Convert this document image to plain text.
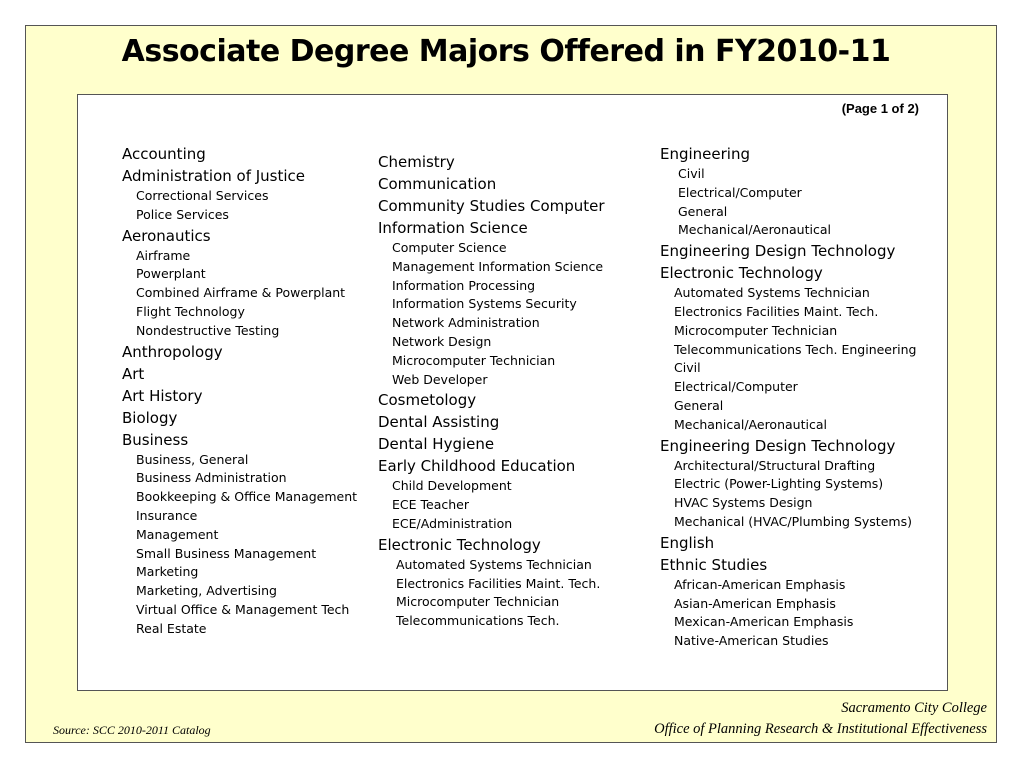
Associate Degree Majors Offered in FY2010-11
(Page 1 of 2)
Accounting
Administration of Justice
Correctional Services
Police Services
Aeronautics
Airframe
Powerplant
Combined Airframe & Powerplant
Flight Technology
Nondestructive Testing
Anthropology
Art
Art History
Biology
Business
Business, General
Business Administration
Bookkeeping & Office Management
Insurance
Management
Small Business Management
Marketing
Marketing, Advertising
Virtual Office & Management Tech
Real Estate
Chemistry
Communication
Community Studies Computer
Information Science
Computer Science
Management Information Science
Information Processing
Information Systems Security
Network Administration
Network Design
Microcomputer Technician
Web Developer
Cosmetology
Dental Assisting
Dental Hygiene
Early Childhood Education
Child Development
ECE Teacher
ECE/Administration
Electronic Technology
Automated Systems Technician
Electronics Facilities Maint. Tech.
Microcomputer Technician
Telecommunications Tech.
Engineering
Civil
Electrical/Computer
General
Mechanical/Aeronautical
Engineering Design Technology
Electronic Technology
Automated Systems Technician
Electronics Facilities Maint. Tech.
Microcomputer Technician
Telecommunications Tech. Engineering
Civil
Electrical/Computer
General
Mechanical/Aeronautical
Engineering Design Technology
Architectural/Structural Drafting
Electric (Power-Lighting Systems)
HVAC Systems Design
Mechanical (HVAC/Plumbing Systems)
English
Ethnic Studies
African-American Emphasis
Asian-American Emphasis
Mexican-American Emphasis
Native-American Studies
Source: SCC 2010-2011 Catalog
Sacramento City College
Office of Planning Research & Institutional Effectiveness
